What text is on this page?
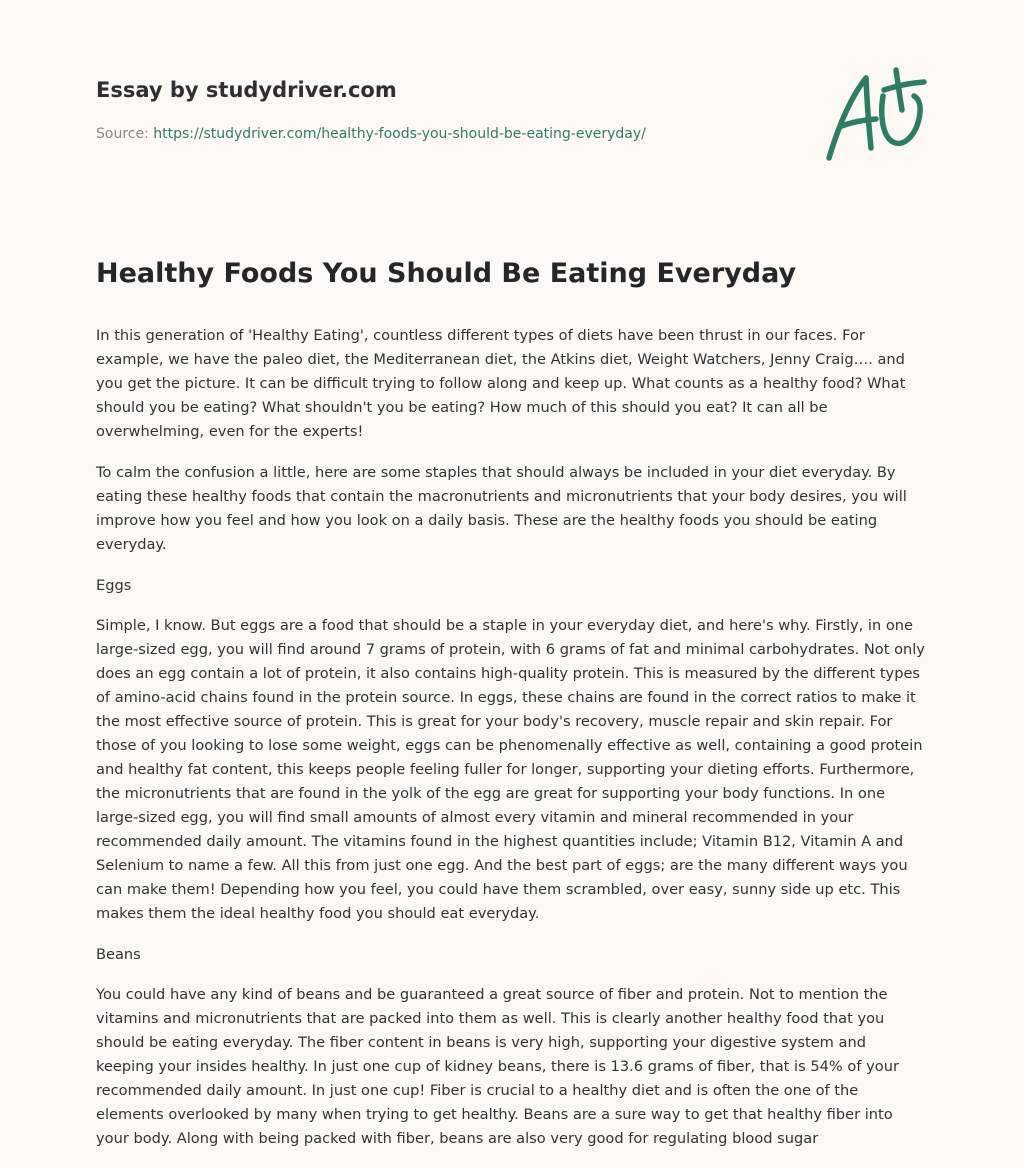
Essay by studydriver.com
Source: https://studydriver.com/healthy-foods-you-should-be-eating-everyday/
Healthy Foods You Should Be Eating Everyday

In this generation of 'Healthy Eating', countless different types of diets have been thrust in our faces. For example, we have the paleo diet, the Mediterranean diet, the Atkins diet, Weight Watchers, Jenny Craig…. and you get the picture. It can be difficult trying to follow along and keep up. What counts as a healthy food? What should you be eating? What shouldn't you be eating? How much of this should you eat? It can all be overwhelming, even for the experts!

To calm the confusion a little, here are some staples that should always be included in your diet everyday. By eating these healthy foods that contain the macronutrients and micronutrients that your body desires, you will improve how you feel and how you look on a daily basis. These are the healthy foods you should be eating everyday.

Eggs

Simple, I know. But eggs are a food that should be a staple in your everyday diet, and here's why. Firstly, in one large-sized egg, you will find around 7 grams of protein, with 6 grams of fat and minimal carbohydrates. Not only does an egg contain a lot of protein, it also contains high-quality protein. This is measured by the different types of amino-acid chains found in the protein source. In eggs, these chains are found in the correct ratios to make it the most effective source of protein. This is great for your body's recovery, muscle repair and skin repair. For those of you looking to lose some weight, eggs can be phenomenally effective as well, containing a good protein and healthy fat content, this keeps people feeling fuller for longer, supporting your dieting efforts. Furthermore, the micronutrients that are found in the yolk of the egg are great for supporting your body functions. In one large-sized egg, you will find small amounts of almost every vitamin and mineral recommended in your recommended daily amount. The vitamins found in the highest quantities include; Vitamin B12, Vitamin A and Selenium to name a few. All this from just one egg. And the best part of eggs; are the many different ways you can make them! Depending how you feel, you could have them scrambled, over easy, sunny side up etc. This makes them the ideal healthy food you should eat everyday.

Beans

You could have any kind of beans and be guaranteed a great source of fiber and protein. Not to mention the vitamins and micronutrients that are packed into them as well. This is clearly another healthy food that you should be eating everyday. The fiber content in beans is very high, supporting your digestive system and keeping your insides healthy. In just one cup of kidney beans, there is 13.6 grams of fiber, that is 54% of your recommended daily amount. In just one cup! Fiber is crucial to a healthy diet and is often the one of the elements overlooked by many when trying to get healthy. Beans are a sure way to get that healthy fiber into your body. Along with being packed with fiber, beans are also very good for regulating blood sugar
